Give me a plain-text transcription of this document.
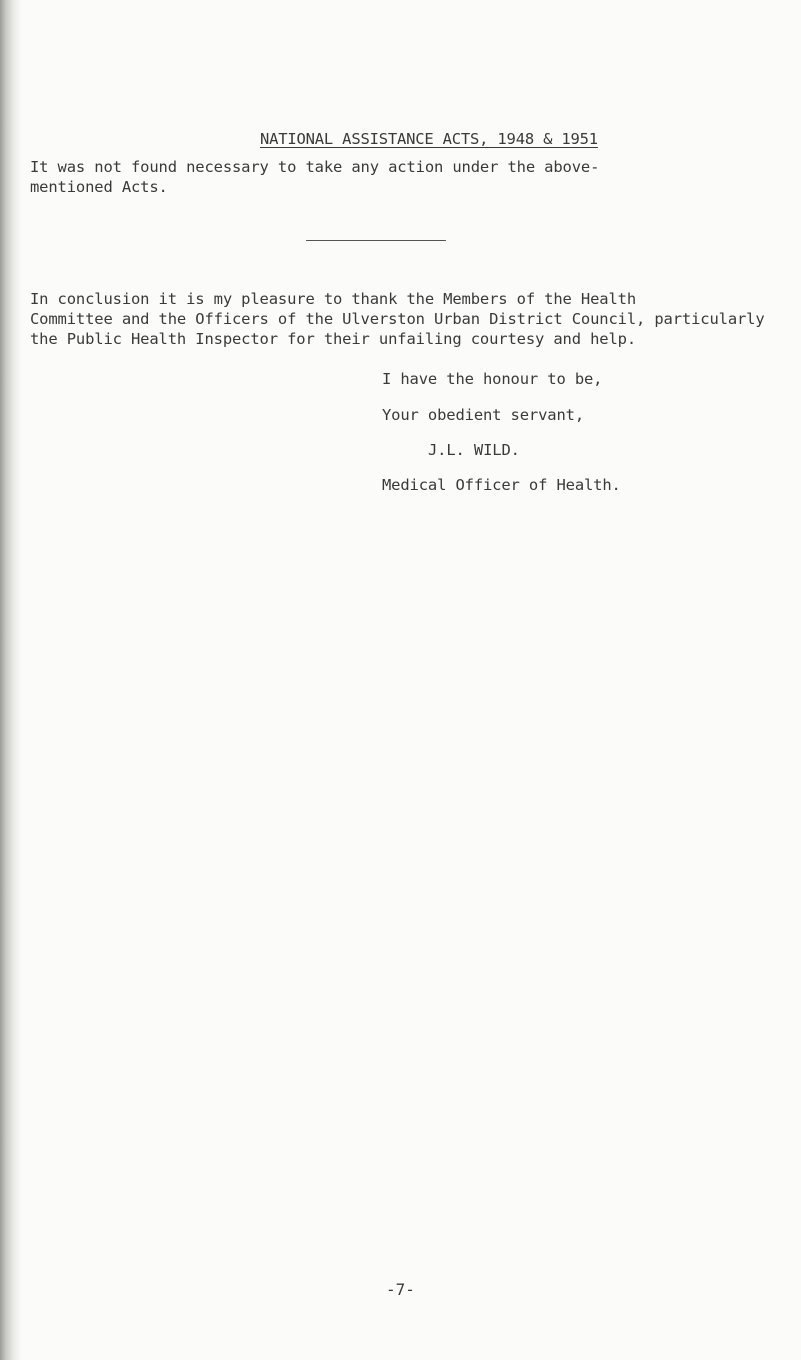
NATIONAL ASSISTANCE ACTS, 1948 & 1951
It was not found necessary to take any action under the above-
mentioned Acts.
In conclusion it is my pleasure to thank the Members of the Health
Committee and the Officers of the Ulverston Urban District Council, particularly
the Public Health Inspector for their unfailing courtesy and help.
I have the honour to be,
Your obedient servant,
J.L. WILD.
Medical Officer of Health.
-7-
